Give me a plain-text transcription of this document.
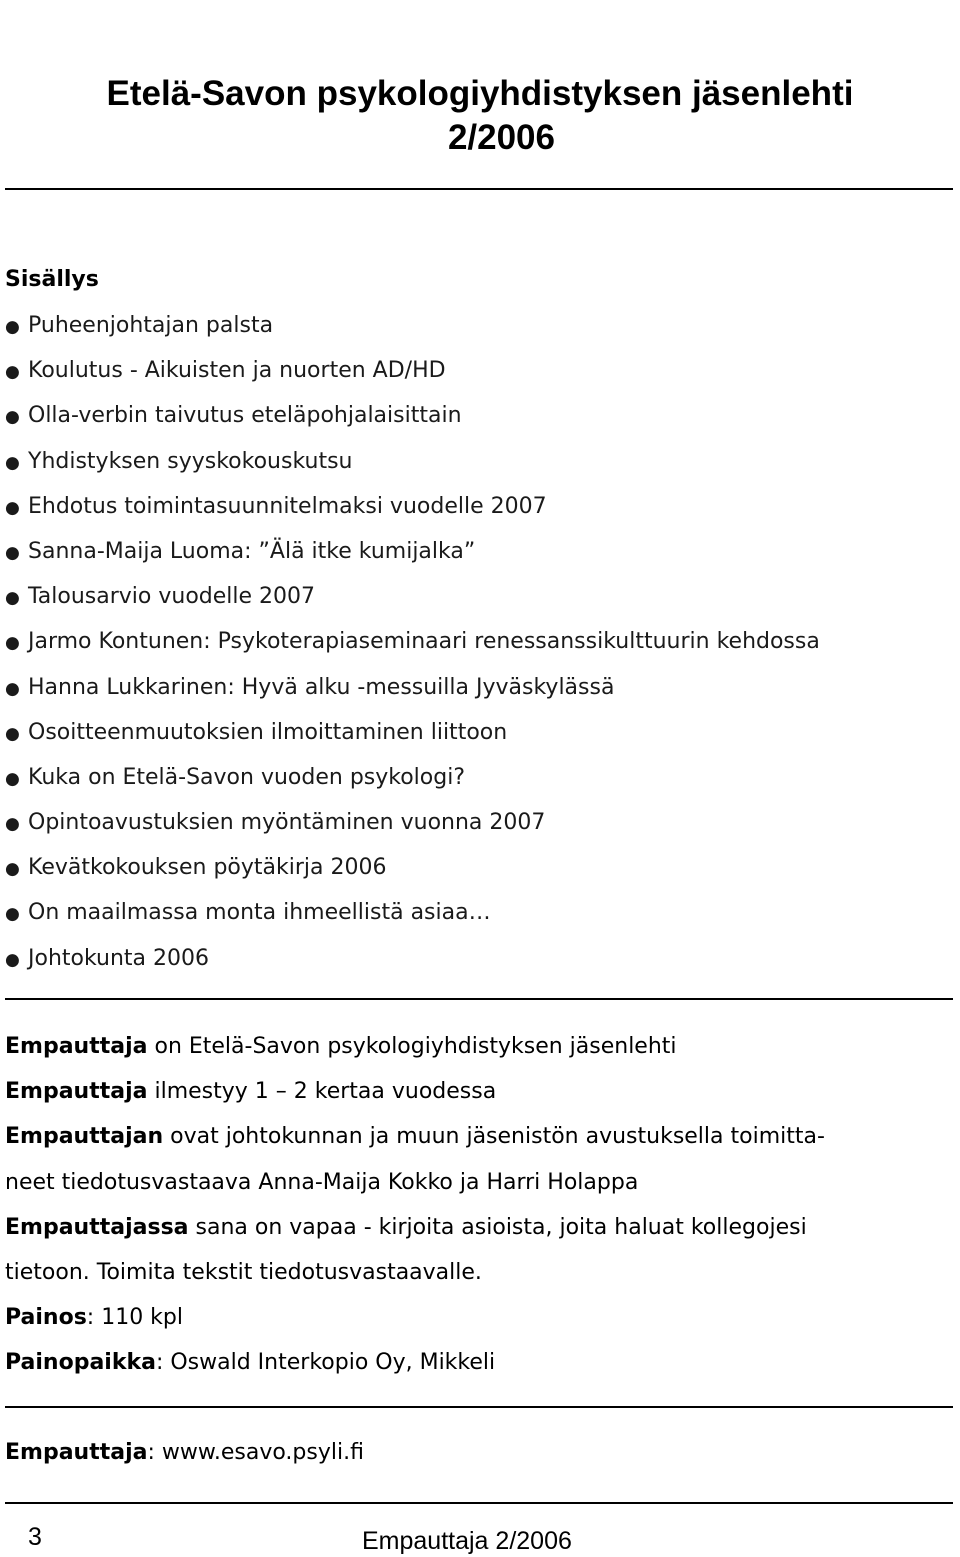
Etelä-Savon psykologiyhdistyksen jäsenlehti
2/2006
Sisällys
● Puheenjohtajan palsta
● Koulutus - Aikuisten ja nuorten AD/HD
● Olla-verbin taivutus eteläpohjalaisittain
● Yhdistyksen syyskokouskutsu
● Ehdotus toimintasuunnitelmaksi vuodelle 2007
● Sanna-Maija Luoma: ”Älä itke kumijalka”
● Talousarvio vuodelle 2007
● Jarmo Kontunen: Psykoterapiaseminaari renessanssikulttuurin kehdossa
● Hanna Lukkarinen: Hyvä alku -messuilla Jyväskylässä
● Osoitteenmuutoksien ilmoittaminen liittoon
● Kuka on Etelä-Savon vuoden psykologi?
● Opintoavustuksien myöntäminen vuonna 2007
● Kevätkokouksen pöytäkirja 2006
● On maailmassa monta ihmeellistä asiaa…
● Johtokunta 2006
Empauttaja on Etelä-Savon psykologiyhdistyksen jäsenlehti
Empauttaja ilmestyy 1 – 2 kertaa vuodessa
Empauttajan ovat johtokunnan ja muun jäsenistön avustuksella toimitta-
neet tiedotusvastaava Anna-Maija Kokko ja Harri Holappa
Empauttajassa sana on vapaa - kirjoita asioista, joita haluat kollegojesi
tietoon. Toimita tekstit tiedotusvastaavalle.
Painos: 110 kpl
Painopaikka: Oswald Interkopio Oy, Mikkeli
Empauttaja: www.esavo.psyli.fi
3	Empauttaja 2/2006
